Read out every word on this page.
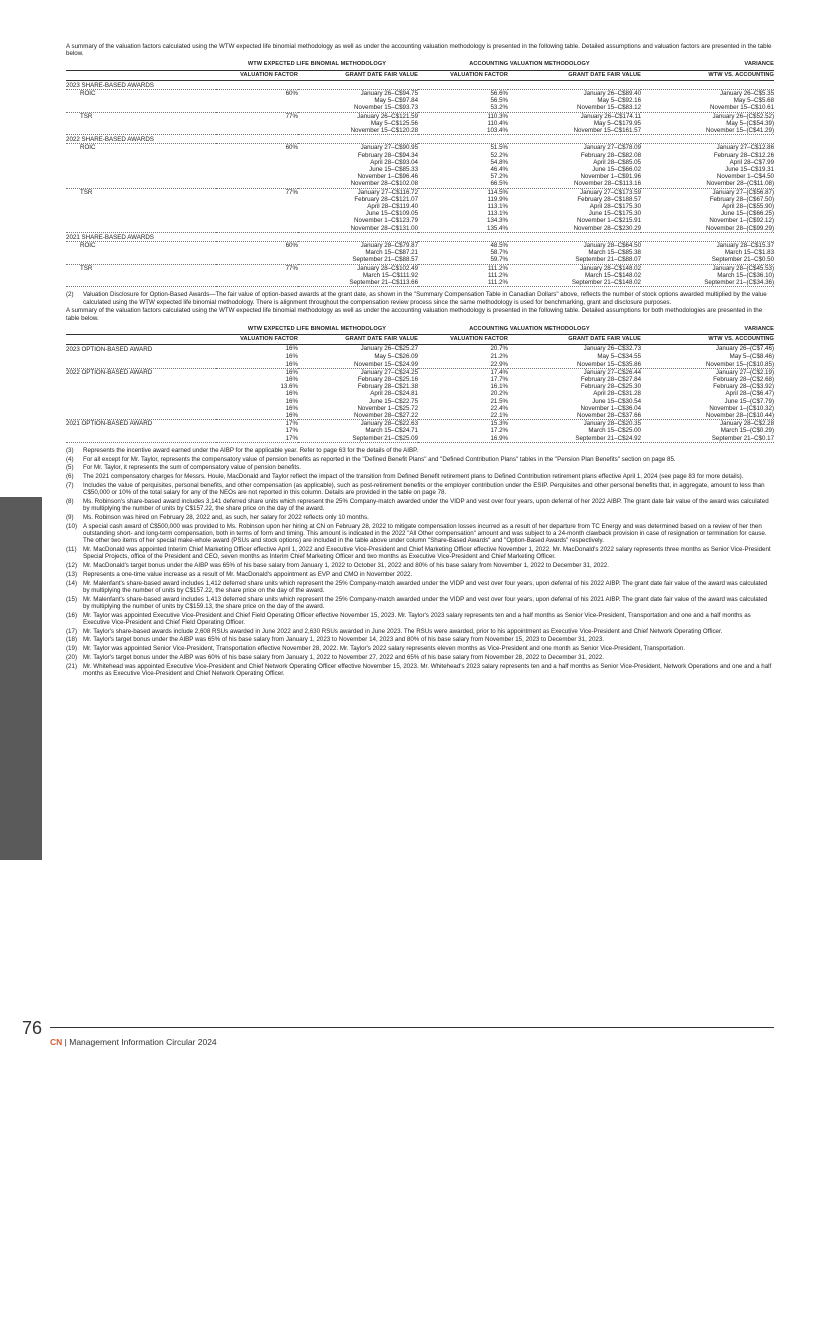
CN
Compensation Discussion and Analysis

A summary of the valuation factors calculated using the WTW expected life binomial methodology as well as under the accounting valuation methodology is presented in the following table. Detailed assumptions and valuation factors are presented in the table below.

	WTW EXPECTED LIFE BINOMIAL METHODOLOGY		ACCOUNTING VALUATION METHODOLOGY		VARIANCE
	VALUATION FACTOR	GRANT DATE FAIR VALUE	VALUATION FACTOR	GRANT DATE FAIR VALUE	WTW VS. ACCOUNTING
2023 SHARE-BASED AWARDS					
ROIC	60%	January 26–C$94.75	56.6%	January 26–C$89.40	January 26–C$5.35
		May 5–C$97.84	56.5%	May 5–C$92.16	May 5–C$5.68
		November 15–C$93.73	53.2%	November 15–C$83.12	November 15–C$10.61
TSR	77%	January 26–C$121.59	110.3%	January 26–C$174.11	January 26–(C$52.52)
		May 5–C$125.56	110.4%	May 5–C$179.95	May 5–(C$54.39)
		November 15–C$120.28	103.4%	November 15–C$161.57	November 15–(C$41.29)
2022 SHARE-BASED AWARDS					
ROIC	60%	January 27–C$90.95	51.5%	January 27–C$78.09	January 27–C$12.86
		February 28–C$94.34	52.2%	February 28–C$82.08	February 28–C$12.26
		April 28–C$93.04	54.8%	April 28–C$85.05	April 28–C$7.99
		June 15–C$85.33	46.4%	June 15–C$66.02	June 15–C$19.31
		November 1–C$96.46	57.2%	November 1–C$91.96	November 1–C$4.50
		November 28–C$102.08	66.5%	November 28–C$113.16	November 28–(C$11.08)
TSR	77%	January 27–C$116.72	114.5%	January 27–C$173.59	January 27–(C$56.87)
		February 28–C$121.07	119.9%	February 28–C$188.57	February 28–(C$67.50)
		April 28–C$119.40	113.1%	April 28–C$175.30	April 28–(C$55.90)
		June 15–C$109.05	113.1%	June 15–C$175.30	June 15–(C$66.25)
		November 1–C$123.79	134.3%	November 1–C$215.91	November 1–(C$92.12)
		November 28–C$131.00	135.4%	November 28–C$230.29	November 28–(C$99.29)
2021 SHARE-BASED AWARDS					
ROIC	60%	January 28–C$79.87	48.5%	January 28–C$64.50	January 28–C$15.37
		March 15–C$87.21	58.7%	March 15–C$85.38	March 15–C$1.83
		September 21–C$88.57	59.7%	September 21–C$88.07	September 21–C$0.50
TSR	77%	January 28–C$102.49	111.2%	January 28–C$148.02	January 28–(C$45.53)
		March 15–C$111.92	111.2%	March 15–C$148.02	March 15–(C$36.10)
		September 21–C$113.66	111.2%	September 21–C$148.02	September 21–(C$34.36)
(2)	Valuation Disclosure for Option-Based Awards—The fair value of option-based awards at the grant date, as shown in the "Summary Compensation Table in Canadian Dollars" above, reflects the number of stock options awarded multiplied by the value calculated using the WTW expected life binomial methodology. There is alignment throughout the compensation review process since the same methodology is used for benchmarking, grant and disclosure purposes.

A summary of the valuation factors calculated using the WTW expected life binomial methodology as well as under the accounting valuation methodology is presented in the following table. Detailed assumptions for both methodologies are presented in the table below.

	WTW EXPECTED LIFE BINOMIAL METHODOLOGY		ACCOUNTING VALUATION METHODOLOGY		VARIANCE
	VALUATION FACTOR	GRANT DATE FAIR VALUE	VALUATION FACTOR	GRANT DATE FAIR VALUE	WTW VS. ACCOUNTING
2023 OPTION-BASED AWARD	16%	January 26–C$25.27	20.7%	January 26–C$32.73	January 26–(C$7.46)
	16%	May 5–C$26.09	21.2%	May 5–C$34.55	May 5–(C$8.46)
	16%	November 15–C$24.99	22.9%	November 15–C$35.86	November 15–(C$10.85)
2022 OPTION-BASED AWARD	16%	January 27–C$24.25	17.4%	January 27–C$26.44	January 27–(C$2.19)
	16%	February 28–C$25.16	17.7%	February 28–C$27.84	February 28–(C$2.68)
	13.6%	February 28–C$21.38	16.1%	February 28–C$25.30	February 28–(C$3.92)
	16%	April 28–C$24.81	20.2%	April 28–C$31.28	April 28–(C$6.47)
	16%	June 15–C$22.75	21.5%	June 15–C$30.54	June 15–(C$7.79)
	16%	November 1–C$25.72	22.4%	November 1–C$36.04	November 1–(C$10.32)
	16%	November 28–C$27.22	22.1%	November 28–C$37.66	November 28–(C$10.44)
2021 OPTION-BASED AWARD	17%	January 28–C$22.63	15.3%	January 28–C$20.35	January 28–C$2.28
	17%	March 15–C$24.71	17.2%	March 15–C$25.00	March 15–(C$0.29)
	17%	September 21–C$25.09	16.9%	September 21–C$24.92	September 21–C$0.17
(3)	Represents the incentive award earned under the AIBP for the applicable year. Refer to page 63 for the details of the AIBP.
(4)	For all except for Mr. Taylor, represents the compensatory value of pension benefits as reported in the "Defined Benefit Plans" and "Defined Contribution Plans" tables in the "Pension Plan Benefits" section on page 85.
(5)	For Mr. Taylor, it represents the sum of compensatory value of pension benefits.
(6)	The 2021 compensatory charges for Messrs. Houle, MacDonald and Taylor reflect the impact of the transition from Defined Benefit retirement plans to Defined Contribution retirement plans effective April 1, 2024 (see page 83 for more details).
(7)	Includes the value of perquisites, personal benefits, and other compensation (as applicable), such as post-retirement benefits or the employer contribution under the ESIP. Perquisites and other personal benefits that, in aggregate, amount to less than C$50,000 or 10% of the total salary for any of the NEOs are not reported in this column. Details are provided in the table on page 78.
(8)	Ms. Robinson's share-based award includes 3,141 deferred share units which represent the 25% Company-match awarded under the VIDP and vest over four years, upon deferral of her 2022 AIBP. The grant date fair value of the award was calculated by multiplying the number of units by C$157.22, the share price on the day of the award.
(9)	Ms. Robinson was hired on February 28, 2022 and, as such, her salary for 2022 reflects only 10 months.
(10) A special cash award of C$500,000 was provided to Ms. Robinson upon her hiring at CN on February 28, 2022 to mitigate compensation losses incurred as a result of her departure from TC Energy and was determined based on a review of her then outstanding short- and long-term compensation, both in terms of form and timing. This amount is indicated in the 2022 "All Other compensation" amount and was subject to a 24-month clawback provision in case of resignation or termination for cause. The other two items of her special make-whole award (PSUs and stock options) are included in the table above under column "Share-Based Awards" and "Option-Based Awards" respectively.
(11)	Mr. MacDonald was appointed Interim Chief Marketing Officer effective April 1, 2022 and Executive Vice-President and Chief Marketing Officer effective November 1, 2022. Mr. MacDonald's 2022 salary represents three months as Senior Vice-President Special Projects, office of the President and CEO, seven months as Interim Chief Marketing Officer and two months as Executive Vice-President and Chief Marketing Officer.
(12) Mr. MacDonald's target bonus under the AIBP was 65% of his base salary from January 1, 2022 to October 31, 2022 and 80% of his base salary from November 1, 2022 to December 31, 2022.
(13) Represents a one-time value increase as a result of Mr. MacDonald's appointment as EVP and CMO in November 2022.
(14) Mr. Malenfant's share-based award includes 1,412 deferred share units which represent the 25% Company-match awarded under the VIDP and vest over four years, upon deferral of his 2022 AIBP. The grant date fair value of the award was calculated by multiplying the number of units by C$157.22, the share price on the day of the award.
(15) Mr. Malenfant's share-based award includes 1,413 deferred share units which represent the 25% Company-match awarded under the VIDP and vest over four years, upon deferral of his 2021 AIBP. The grant date fair value of the award was calculated by multiplying the number of units by C$159.13, the share price on the day of the award.
(16) Mr. Taylor was appointed Executive Vice-President and Chief Field Operating Officer effective November 15, 2023. Mr. Taylor's 2023 salary represents ten and a half months as Senior Vice-President, Transportation and one and a half months as Executive Vice-President and Chief Field Operating Officer.
(17) Mr. Taylor's share-based awards include 2,608 RSUs awarded in June 2022 and 2,630 RSUs awarded in June 2023. The RSUs were awarded, prior to his appointment as Executive Vice-President and Chief Network Operating Officer.
(18) Mr. Taylor's target bonus under the AIBP was 65% of his base salary from January 1, 2023 to November 14, 2023 and 80% of his base salary from November 15, 2023 to December 31, 2023.
(19) Mr. Taylor was appointed Senior Vice-President, Transportation effective November 28, 2022. Mr. Taylor's 2022 salary represents eleven months as Vice-President and one month as Senior Vice-President, Transportation.
(20) Mr. Taylor's target bonus under the AIBP was 60% of his base salary from January 1, 2022 to November 27, 2022 and 65% of his base salary from November 28, 2022 to December 31, 2022.
(21) Mr. Whitehead was appointed Executive Vice-President and Chief Network Operating Officer effective November 15, 2023. Mr. Whitehead's 2023 salary represents ten and a half months as Senior Vice-President, Network Operations and one and a half months as Executive Vice-President and Chief Network Operating Officer.
76
CN | Management Information Circular 2024
